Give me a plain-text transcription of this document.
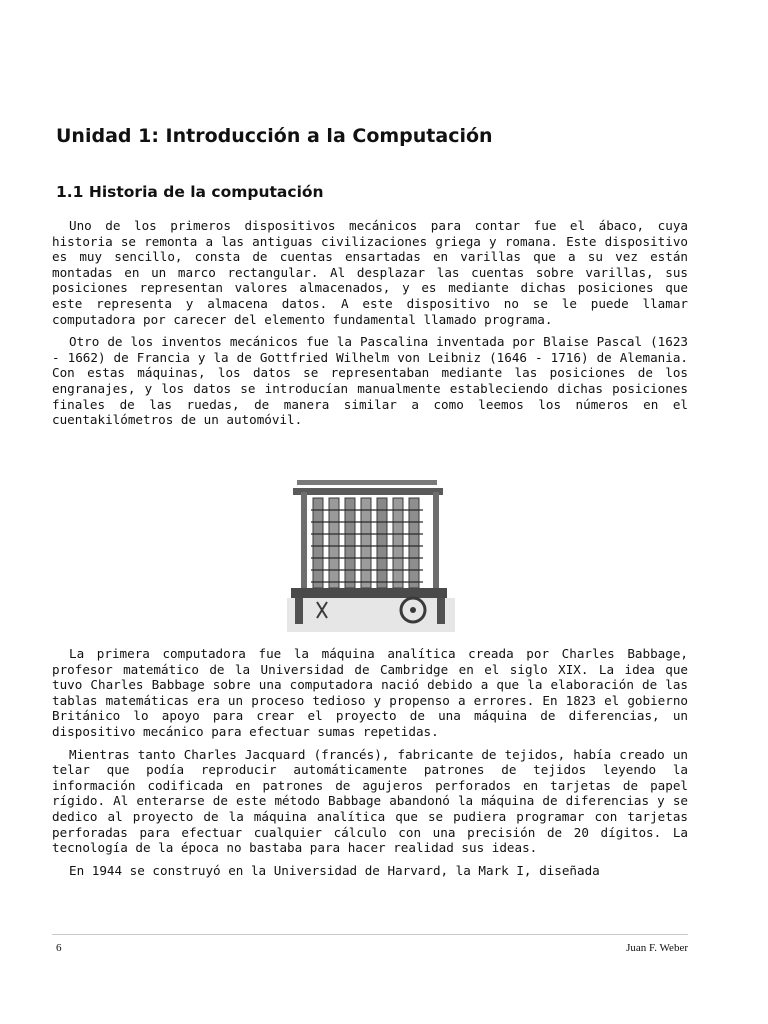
Unidad 1: Introducción a la Computación
1.1 Historia de la computación

Uno de los primeros dispositivos mecánicos para contar fue el ábaco, cuya historia se remonta a las antiguas civilizaciones griega y romana. Este dispositivo es muy sencillo, consta de cuentas ensartadas en varillas que a su vez están montadas en un marco rectangular. Al desplazar las cuentas sobre varillas, sus posiciones representan valores almacenados, y es mediante dichas posiciones que este representa y almacena datos. A este dispositivo no se le puede llamar computadora por carecer del elemento fundamental llamado programa.

Otro de los inventos mecánicos fue la Pascalina inventada por Blaise Pascal (1623 - 1662) de Francia y la de Gottfried Wilhelm von Leibniz (1646 - 1716) de Alemania. Con estas máquinas, los datos se representaban mediante las posiciones de los engranajes, y los datos se introducían manualmente estableciendo dichas posiciones finales de las ruedas, de manera similar a como leemos los números en el cuentakilómetros de un automóvil.

La primera computadora fue la máquina analítica creada por Charles Babbage, profesor matemático de la Universidad de Cambridge en el siglo XIX. La idea que tuvo Charles Babbage sobre una computadora nació debido a que la elaboración de las tablas matemáticas era un proceso tedioso y propenso a errores. En 1823 el gobierno Británico lo apoyo para crear el proyecto de una máquina de diferencias, un dispositivo mecánico para efectuar sumas repetidas.

Mientras tanto Charles Jacquard (francés), fabricante de tejidos, había creado un telar que podía reproducir automáticamente patrones de tejidos leyendo la información codificada en patrones de agujeros perforados en tarjetas de papel rígido. Al enterarse de este método Babbage abandonó la máquina de diferencias y se dedico al proyecto de la máquina analítica que se pudiera programar con tarjetas perforadas para efectuar cualquier cálculo con una precisión de 20 dígitos. La tecnología de la época no bastaba para hacer realidad sus ideas.

En 1944 se construyó en la Universidad de Harvard, la Mark I, diseñada

6	Juan F. Weber
